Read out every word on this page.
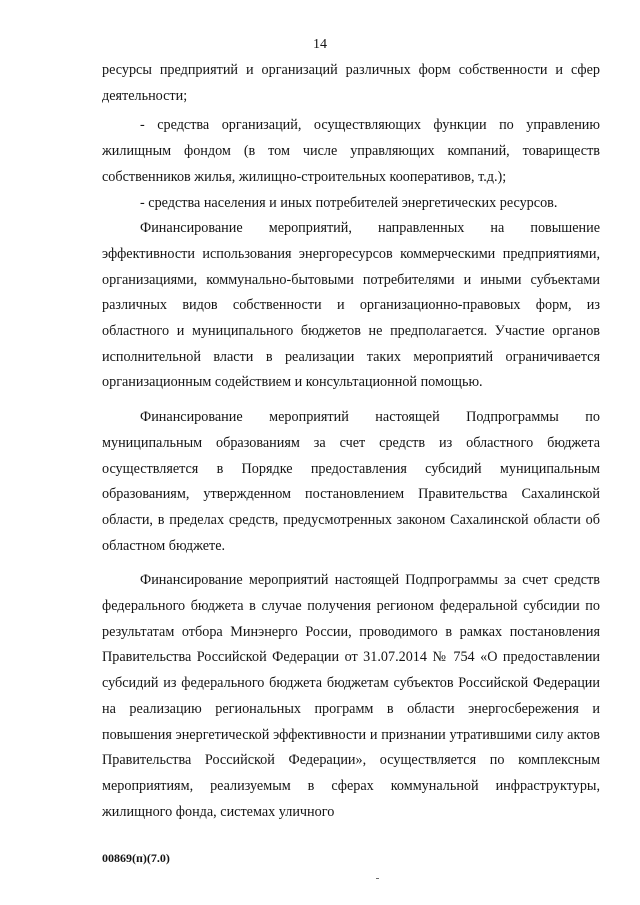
14

ресурсы предприятий и организаций различных форм собственности и сфер деятельности;

- средства организаций, осуществляющих функции по управлению жилищным фондом (в том числе управляющих компаний, товариществ собственников жилья, жилищно-строительных кооперативов, т.д.);

- средства населения и иных потребителей энергетических ресурсов.

Финансирование мероприятий, направленных на повышение эффективности использования энергоресурсов коммерческими предприятиями, организациями, коммунально-бытовыми потребителями и иными субъектами различных видов собственности и организационно-правовых форм, из областного и муниципального бюджетов не предполагается. Участие органов исполнительной власти в реализации таких мероприятий ограничивается организационным содействием и консультационной помощью.

Финансирование мероприятий настоящей Подпрограммы по муниципальным образованиям за счет средств из областного бюджета осуществляется в Порядке предоставления субсидий муниципальным образованиям, утвержденном постановлением Правительства Сахалинской области, в пределах средств, предусмотренных законом Сахалинской области об областном бюджете.

Финансирование мероприятий настоящей Подпрограммы за счет средств федерального бюджета в случае получения регионом федеральной субсидии по результатам отбора Минэнерго России, проводимого в рамках постановления Правительства Российской Федерации от 31.07.2014 № 754 «О предоставлении субсидий из федерального бюджета бюджетам субъектов Российской Федерации на реализацию региональных программ в области энергосбережения и повышения энергетической эффективности и признании утратившими силу актов Правительства Российской Федерации», осуществляется по комплексным мероприятиям, реализуемым в сферах коммунальной инфраструктуры, жилищного фонда, системах уличного

00869(п)(7.0)
